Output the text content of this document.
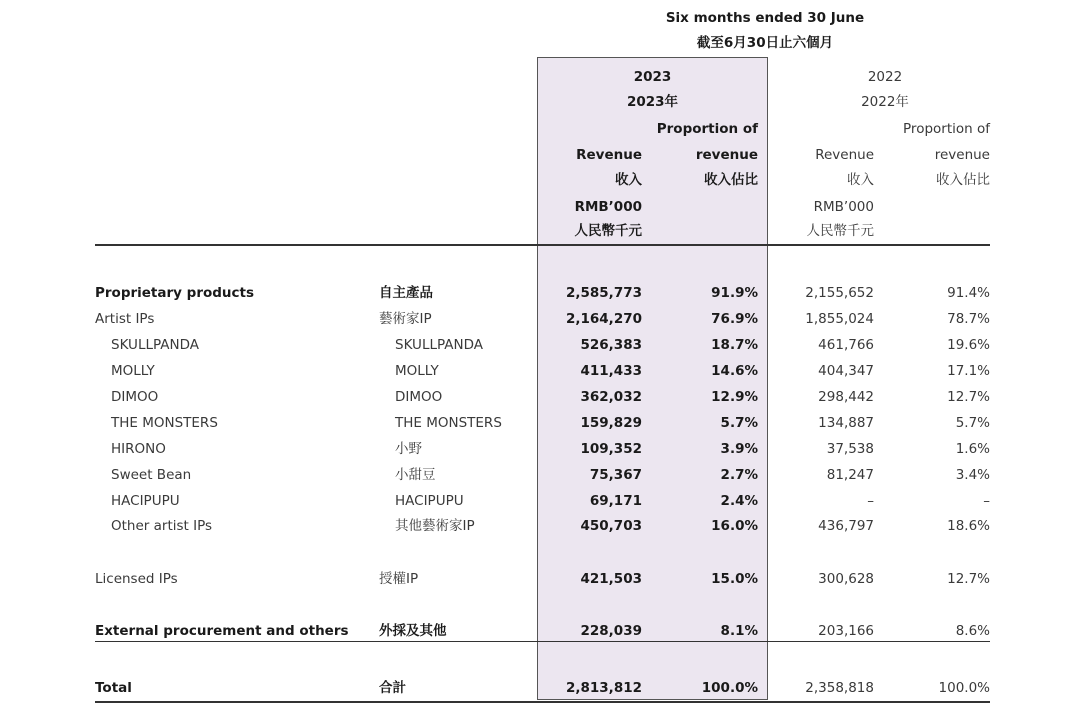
Six months ended 30 June
截至6月30日止六個月
2023
2023年
Proportion of
Revenue	revenue
收入	收入佔比
RMB’000
人民幣千元
2022
2022年
Proportion of
Revenue	revenue
收入	收入佔比
RMB’000
人民幣千元
Proprietary products	自主產品	2,585,773	91.9%	2,155,652	91.4%
Artist IPs	藝術家IP	2,164,270	76.9%	1,855,024	78.7%
SKULLPANDA	SKULLPANDA	526,383	18.7%	461,766	19.6%
MOLLY	MOLLY	411,433	14.6%	404,347	17.1%
DIMOO	DIMOO	362,032	12.9%	298,442	12.7%
THE MONSTERS	THE MONSTERS	159,829	5.7%	134,887	5.7%
HIRONO	小野	109,352	3.9%	37,538	1.6%
Sweet Bean	小甜豆	75,367	2.7%	81,247	3.4%
HACIPUPU	HACIPUPU	69,171	2.4%	–	–
Other artist IPs	其他藝術家IP	450,703	16.0%	436,797	18.6%
Licensed IPs	授權IP	421,503	15.0%	300,628	12.7%
External procurement and others 外採及其他	228,039	8.1%	203,166	8.6%
Total	合計	2,813,812	100.0%	2,358,818	100.0%
